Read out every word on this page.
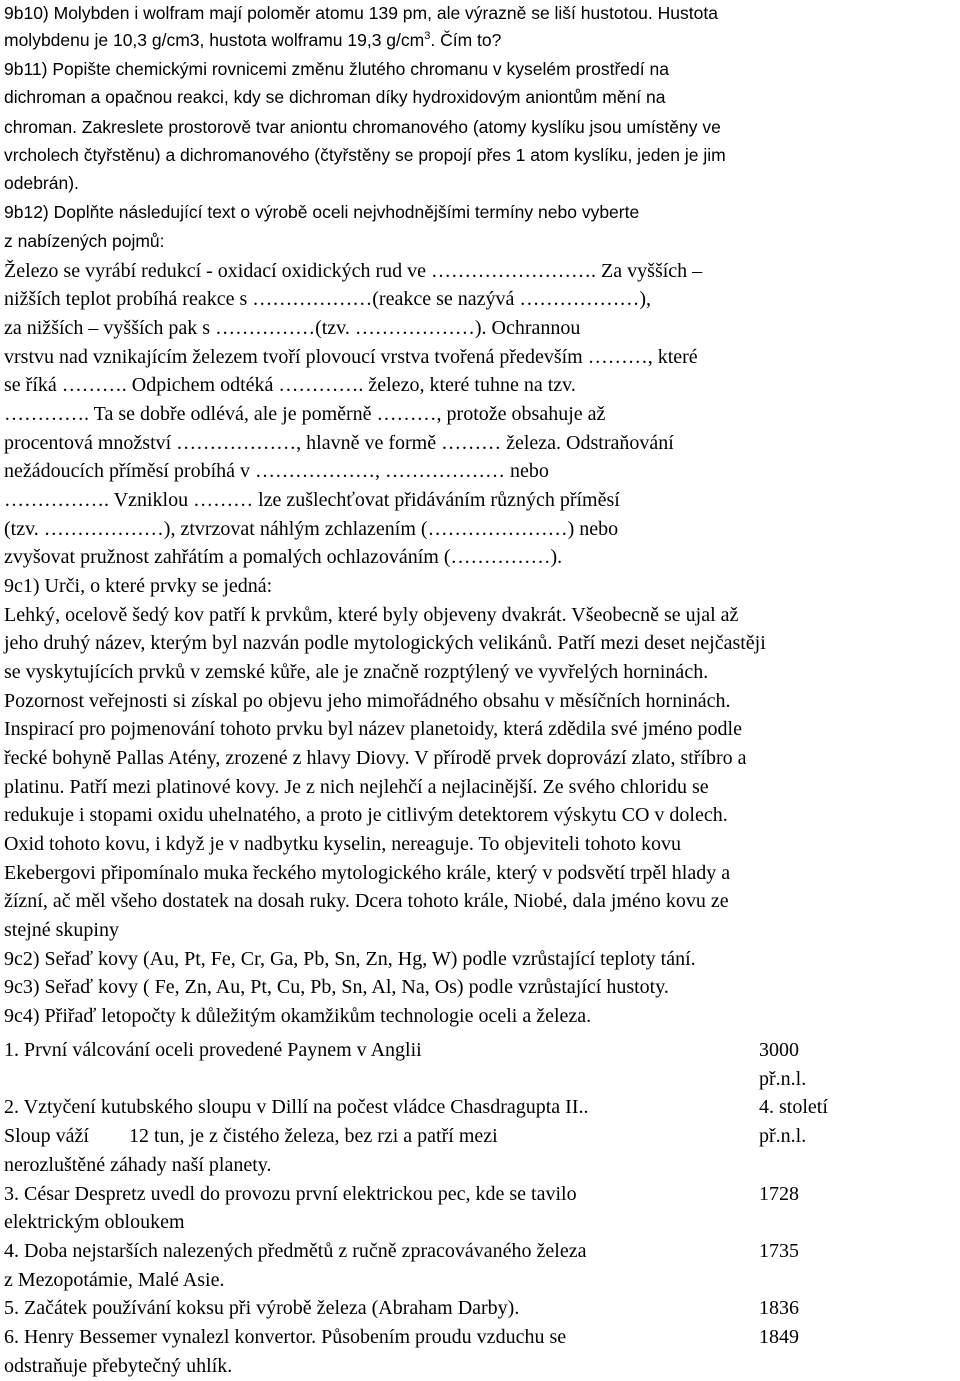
9b10) Molybden i wolfram mají poloměr atomu 139 pm, ale výrazně se liší hustotou. Hustota
molybdenu je 10,3 g/cm3, hustota wolframu 19,3 $g/cm^3$. Čím to?
9b11) Popište chemickými rovnicemi změnu žlutého chromanu v kyselém prostředí na
dichroman a opačnou reakci, kdy se dichroman díky hydroxidovým aniontům mění na
chroman. Zakreslete prostorově tvar aniontu chromanového (atomy kyslíku jsou umístěny ve
vrcholech čtyřstěnu) a dichromanového (čtyřstěny se propojí přes 1 atom kyslíku, jeden je jim
odebrán).
9b12) Doplňte následující text o výrobě oceli nejvhodnějšími termíny nebo vyberte
z nabízených pojmů:
Železo se vyrábí redukcí - oxidací oxidických rud ve ……………………. Za vyšších –
nižších teplot probíhá reakce s ………………(reakce se nazývá ………………),
za nižších – vyšších pak s ……………(tzv. ………………). Ochrannou
vrstvu nad vznikajícím železem tvoří plovoucí vrstva tvořená především ………, které
se říká ………. Odpichem odtéká …………. železo, které tuhne na tzv.
…………. Ta se dobře odlévá, ale je poměrně ………, protože obsahuje až
procentová množství ………………, hlavně ve formě ……… železa. Odstraňování
nežádoucích příměsí probíhá v ………………, ……………… nebo
……………. Vzniklou ……… lze zušlechťovat přidáváním různých příměsí
(tzv. ………………), ztvrzovat náhlým zchlazením (…………………) nebo
zvyšovat pružnost zahřátím a pomalých ochlazováním (……………).
9c1) Urči, o které prvky se jedná:
Lehký, ocelově šedý kov patří k prvkům, které byly objeveny dvakrát. Všeobecně se ujal až
jeho druhý název, kterým byl nazván podle mytologických velikánů. Patří mezi deset nejčastěji
se vyskytujících prvků v zemské kůře, ale je značně rozptýlený ve vyvřelých horninách.
Pozornost veřejnosti si získal po objevu jeho mimořádného obsahu v měsíčních horninách.
Inspirací pro pojmenování tohoto prvku byl název planetoidy, která zdědila své jméno podle
řecké bohyně Pallas Atény, zrozené z hlavy Diovy. V přírodě prvek doprovází zlato, stříbro a
platinu. Patří mezi platinové kovy. Je z nich nejlehčí a nejlacinější. Ze svého chloridu se
redukuje i stopami oxidu uhelnatého, a proto je citlivým detektorem výskytu CO v dolech.
Oxid tohoto kovu, i když je v nadbytku kyselin, nereaguje. To objeviteli tohoto kovu
Ekebergovi připomínalo muka řeckého mytologického krále, který v podsvětí trpěl hlady a
žízní, ač měl všeho dostatek na dosah ruky. Dcera tohoto krále, Niobé, dala jméno kovu ze
stejné skupiny
9c2) Seřaď kovy (Au, Pt, Fe, Cr, Ga, Pb, Sn, Zn, Hg, W) podle vzrůstající teploty tání.
9c3) Seřaď kovy ( Fe, Zn, Au, Pt, Cu, Pb, Sn, Al, Na, Os) podle vzrůstající hustoty.
9c4) Přiřaď letopočty k důležitým okamžikům technologie oceli a železa.
1. První válcování oceli provedené Paynem v Anglii
2. Vztyčení kutubského sloupu v Dillí na počest vládce Chasdragupta II..
Sloup váží        12 tun, je z čistého železa, bez rzi a patří mezi
nerozluštěné záhady naší planety.
3. César Despretz uvedl do provozu první elektrickou pec, kde se tavilo
elektrickým obloukem
4. Doba nejstarších nalezených předmětů z ručně zpracovávaného železa
z Mezopotámie, Malé Asie.
5. Začátek používání koksu při výrobě železa (Abraham Darby).
6. Henry Bessemer vynalezl konvertor. Působením proudu vzduchu se
odstraňuje přebytečný uhlík.
3000
př.n.l.
4. století
př.n.l.
1728
1735
1836
1849
